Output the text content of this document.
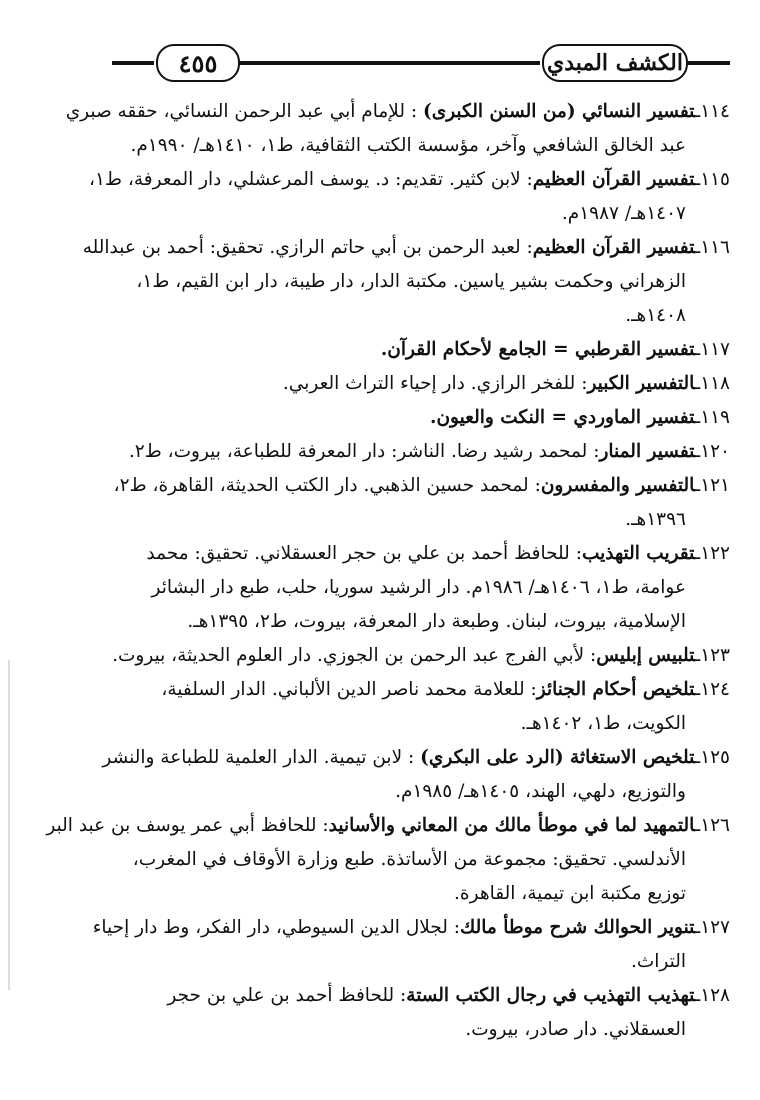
٤٥٥	الكشف المبدي
١١٤ـتفسير النسائي (من السنن الكبرى) : للإمام أبي عبد الرحمن النسائي، حققه صبري
عبد الخالق الشافعي وآخر، مؤسسة الكتب الثقافية، ط١، ١٤١٠هـ/ ١٩٩٠م.
١١٥ـتفسير القرآن العظيم: لابن كثير. تقديم: د. يوسف المرعشلي، دار المعرفة، ط١،
١٤٠٧هـ/ ١٩٨٧م.
١١٦ـتفسير القرآن العظيم: لعبد الرحمن بن أبي حاتم الرازي. تحقيق: أحمد بن عبدالله
الزهراني وحكمت بشير ياسين. مكتبة الدار، دار طيبة، دار ابن القيم، ط١،
١٤٠٨هـ.
١١٧ـتفسير القرطبي = الجامع لأحكام القرآن.
١١٨ـالتفسير الكبير: للفخر الرازي. دار إحياء التراث العربي.
١١٩ـتفسير الماوردي = النكت والعيون.
١٢٠ـتفسير المنار: لمحمد رشيد رضا. الناشر: دار المعرفة للطباعة، بيروت، ط٢.
١٢١ـالتفسير والمفسرون: لمحمد حسين الذهبي. دار الكتب الحديثة، القاهرة، ط٢،
١٣٩٦هـ.
١٢٢ـتقريب التهذيب: للحافظ أحمد بن علي بن حجر العسقلاني. تحقيق: محمد
عوامة، ط١، ١٤٠٦هـ/ ١٩٨٦م. دار الرشيد سوريا، حلب، طبع دار البشائر
الإسلامية، بيروت، لبنان. وطبعة دار المعرفة، بيروت، ط٢، ١٣٩٥هـ.
١٢٣ـتلبيس إبليس: لأبي الفرج عبد الرحمن بن الجوزي. دار العلوم الحديثة، بيروت.
١٢٤ـتلخيص أحكام الجنائز: للعلامة محمد ناصر الدين الألباني. الدار السلفية،
الكويت، ط١، ١٤٠٢هـ.
١٢٥ـتلخيص الاستغاثة (الرد على البكري) : لابن تيمية. الدار العلمية للطباعة والنشر
والتوزيع، دلهي، الهند، ١٤٠٥هـ/ ١٩٨٥م.
١٢٦ـالتمهيد لما في موطأ مالك من المعاني والأسانيد: للحافظ أبي عمر يوسف بن عبد البر
الأندلسي. تحقيق: مجموعة من الأساتذة. طبع وزارة الأوقاف في المغرب،
توزيع مكتبة ابن تيمية، القاهرة.
١٢٧ـتنوير الحوالك شرح موطأ مالك: لجلال الدين السيوطي، دار الفكر، وط دار إحياء
التراث.
١٢٨ـتهذيب التهذيب في رجال الكتب الستة: للحافظ أحمد بن علي بن حجر
العسقلاني. دار صادر، بيروت.
